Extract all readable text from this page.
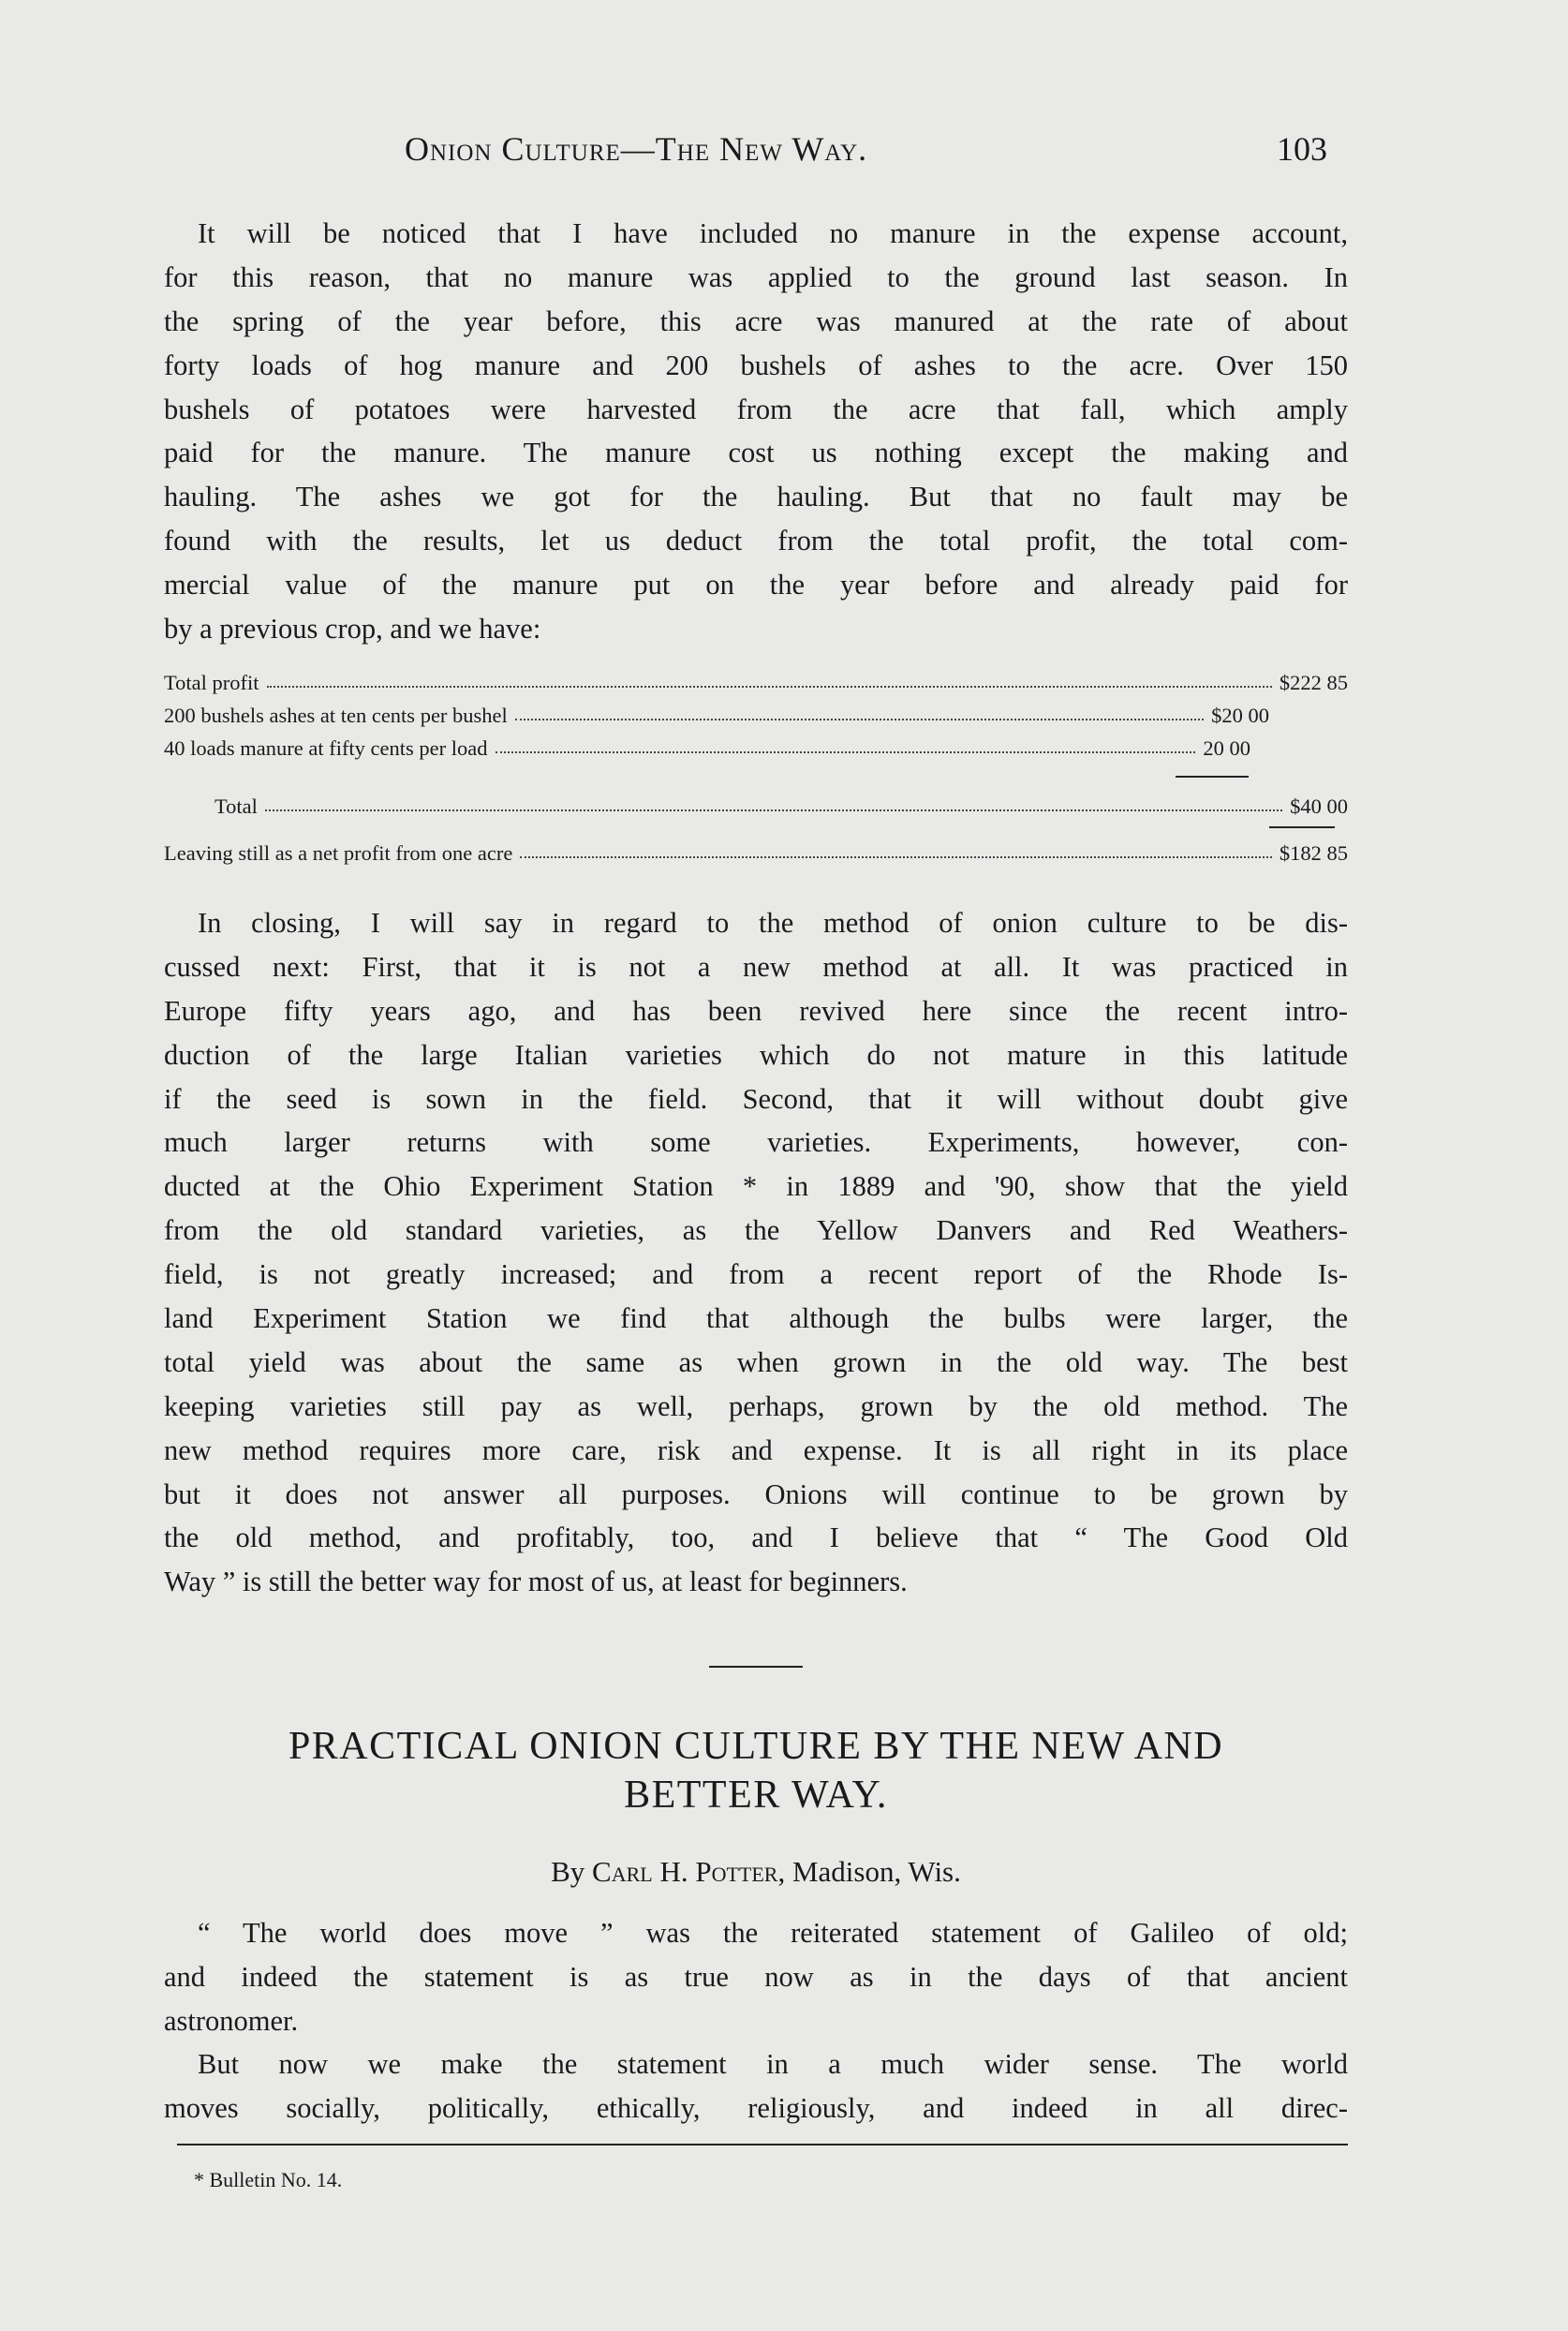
Onion Culture—The New Way.	103
It will be noticed that I have included no manure in the expense account,
for this reason, that no manure was applied to the ground last season. In
the spring of the year before, this acre was manured at the rate of about
forty loads of hog manure and 200 bushels of ashes to the acre. Over 150
bushels of potatoes were harvested from the acre that fall, which amply
paid for the manure. The manure cost us nothing except the making and
hauling. The ashes we got for the hauling. But that no fault may be
found with the results, let us deduct from the total profit, the total com-
mercial value of the manure put on the year before and already paid for
by a previous crop, and we have:
Total profit	$222 85
200 bushels ashes at ten cents per bushel	$20 00
40 loads manure at fifty cents per load	20 00
Total	$40 00
Leaving still as a net profit from one acre	$182 85
In closing, I will say in regard to the method of onion culture to be dis-
cussed next: First, that it is not a new method at all. It was practiced in
Europe fifty years ago, and has been revived here since the recent intro-
duction of the large Italian varieties which do not mature in this latitude
if the seed is sown in the field. Second, that it will without doubt give
much larger returns with some varieties. Experiments, however, con-
ducted at the Ohio Experiment Station * in 1889 and '90, show that the yield
from the old standard varieties, as the Yellow Danvers and Red Weathers-
field, is not greatly increased; and from a recent report of the Rhode Is-
land Experiment Station we find that although the bulbs were larger, the
total yield was about the same as when grown in the old way. The best
keeping varieties still pay as well, perhaps, grown by the old method. The
new method requires more care, risk and expense. It is all right in its place
but it does not answer all purposes. Onions will continue to be grown by
the old method, and profitably, too, and I believe that “ The Good Old
Way ” is still the better way for most of us, at least for beginners.
PRACTICAL ONION CULTURE BY THE NEW AND
BETTER WAY.
By Carl H. Potter, Madison, Wis.
“ The world does move ” was the reiterated statement of Galileo of old;
and indeed the statement is as true now as in the days of that ancient
astronomer.
But now we make the statement in a much wider sense. The world
moves socially, politically, ethically, religiously, and indeed in all direc-
* Bulletin No. 14.
